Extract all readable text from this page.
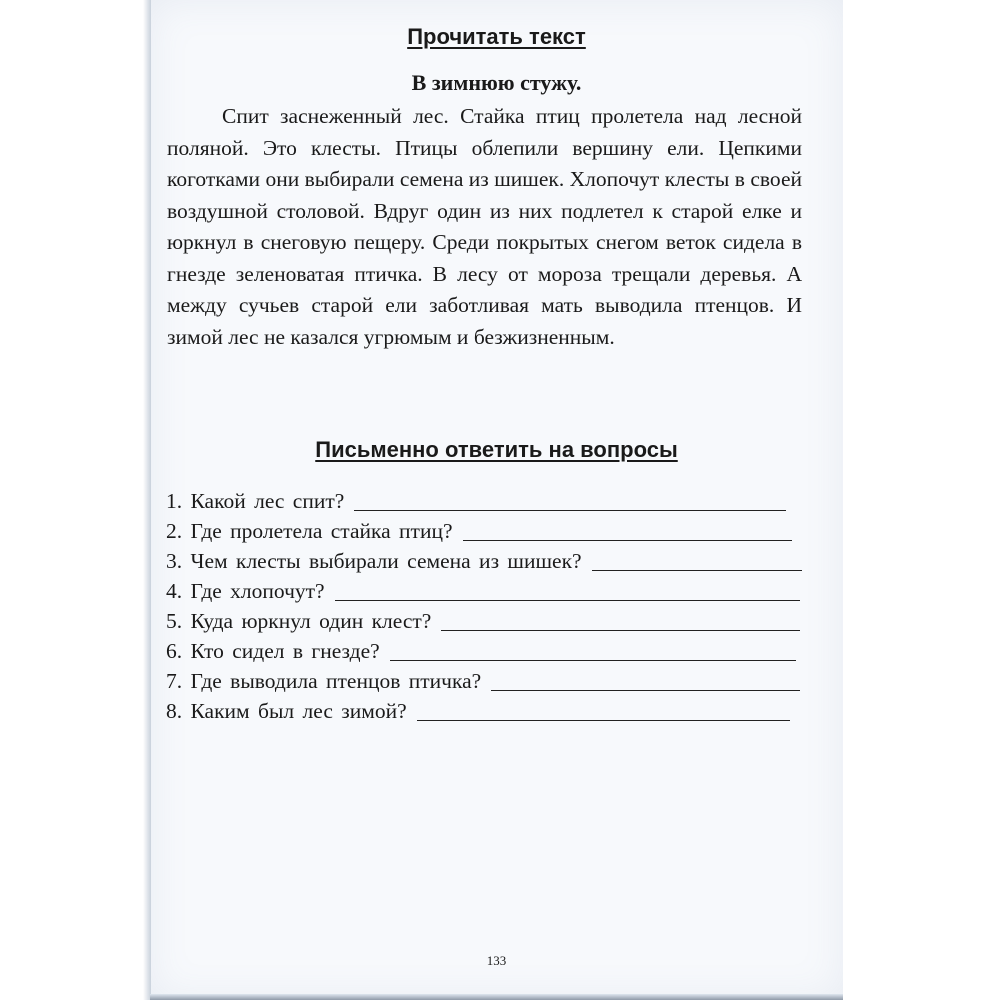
Прочитать текст
В зимнюю стужу.

Спит заснеженный лес. Стайка птиц пролетела над лесной поляной. Это клесты. Птицы облепили вершину ели. Цепкими коготками они выбирали семена из шишек. Хлопочут клесты в своей воздушной столовой. Вдруг один из них подлетел к старой елке и юркнул в снеговую пещеру. Среди покрытых снегом веток сидела в гнезде зеленоватая птичка. В лесу от мороза трещали деревья. А между сучьев старой ели заботливая мать выводила птенцов. И зимой лес не казался угрюмым и безжизненным.

Письменно ответить на вопросы
1. Какой лес спит?
2. Где пролетела стайка птиц?
3. Чем клесты выбирали семена из шишек?
4. Где хлопочут?
5. Куда юркнул один клест?
6. Кто сидел в гнезде?
7. Где выводила птенцов птичка?
8. Каким был лес зимой?
133
